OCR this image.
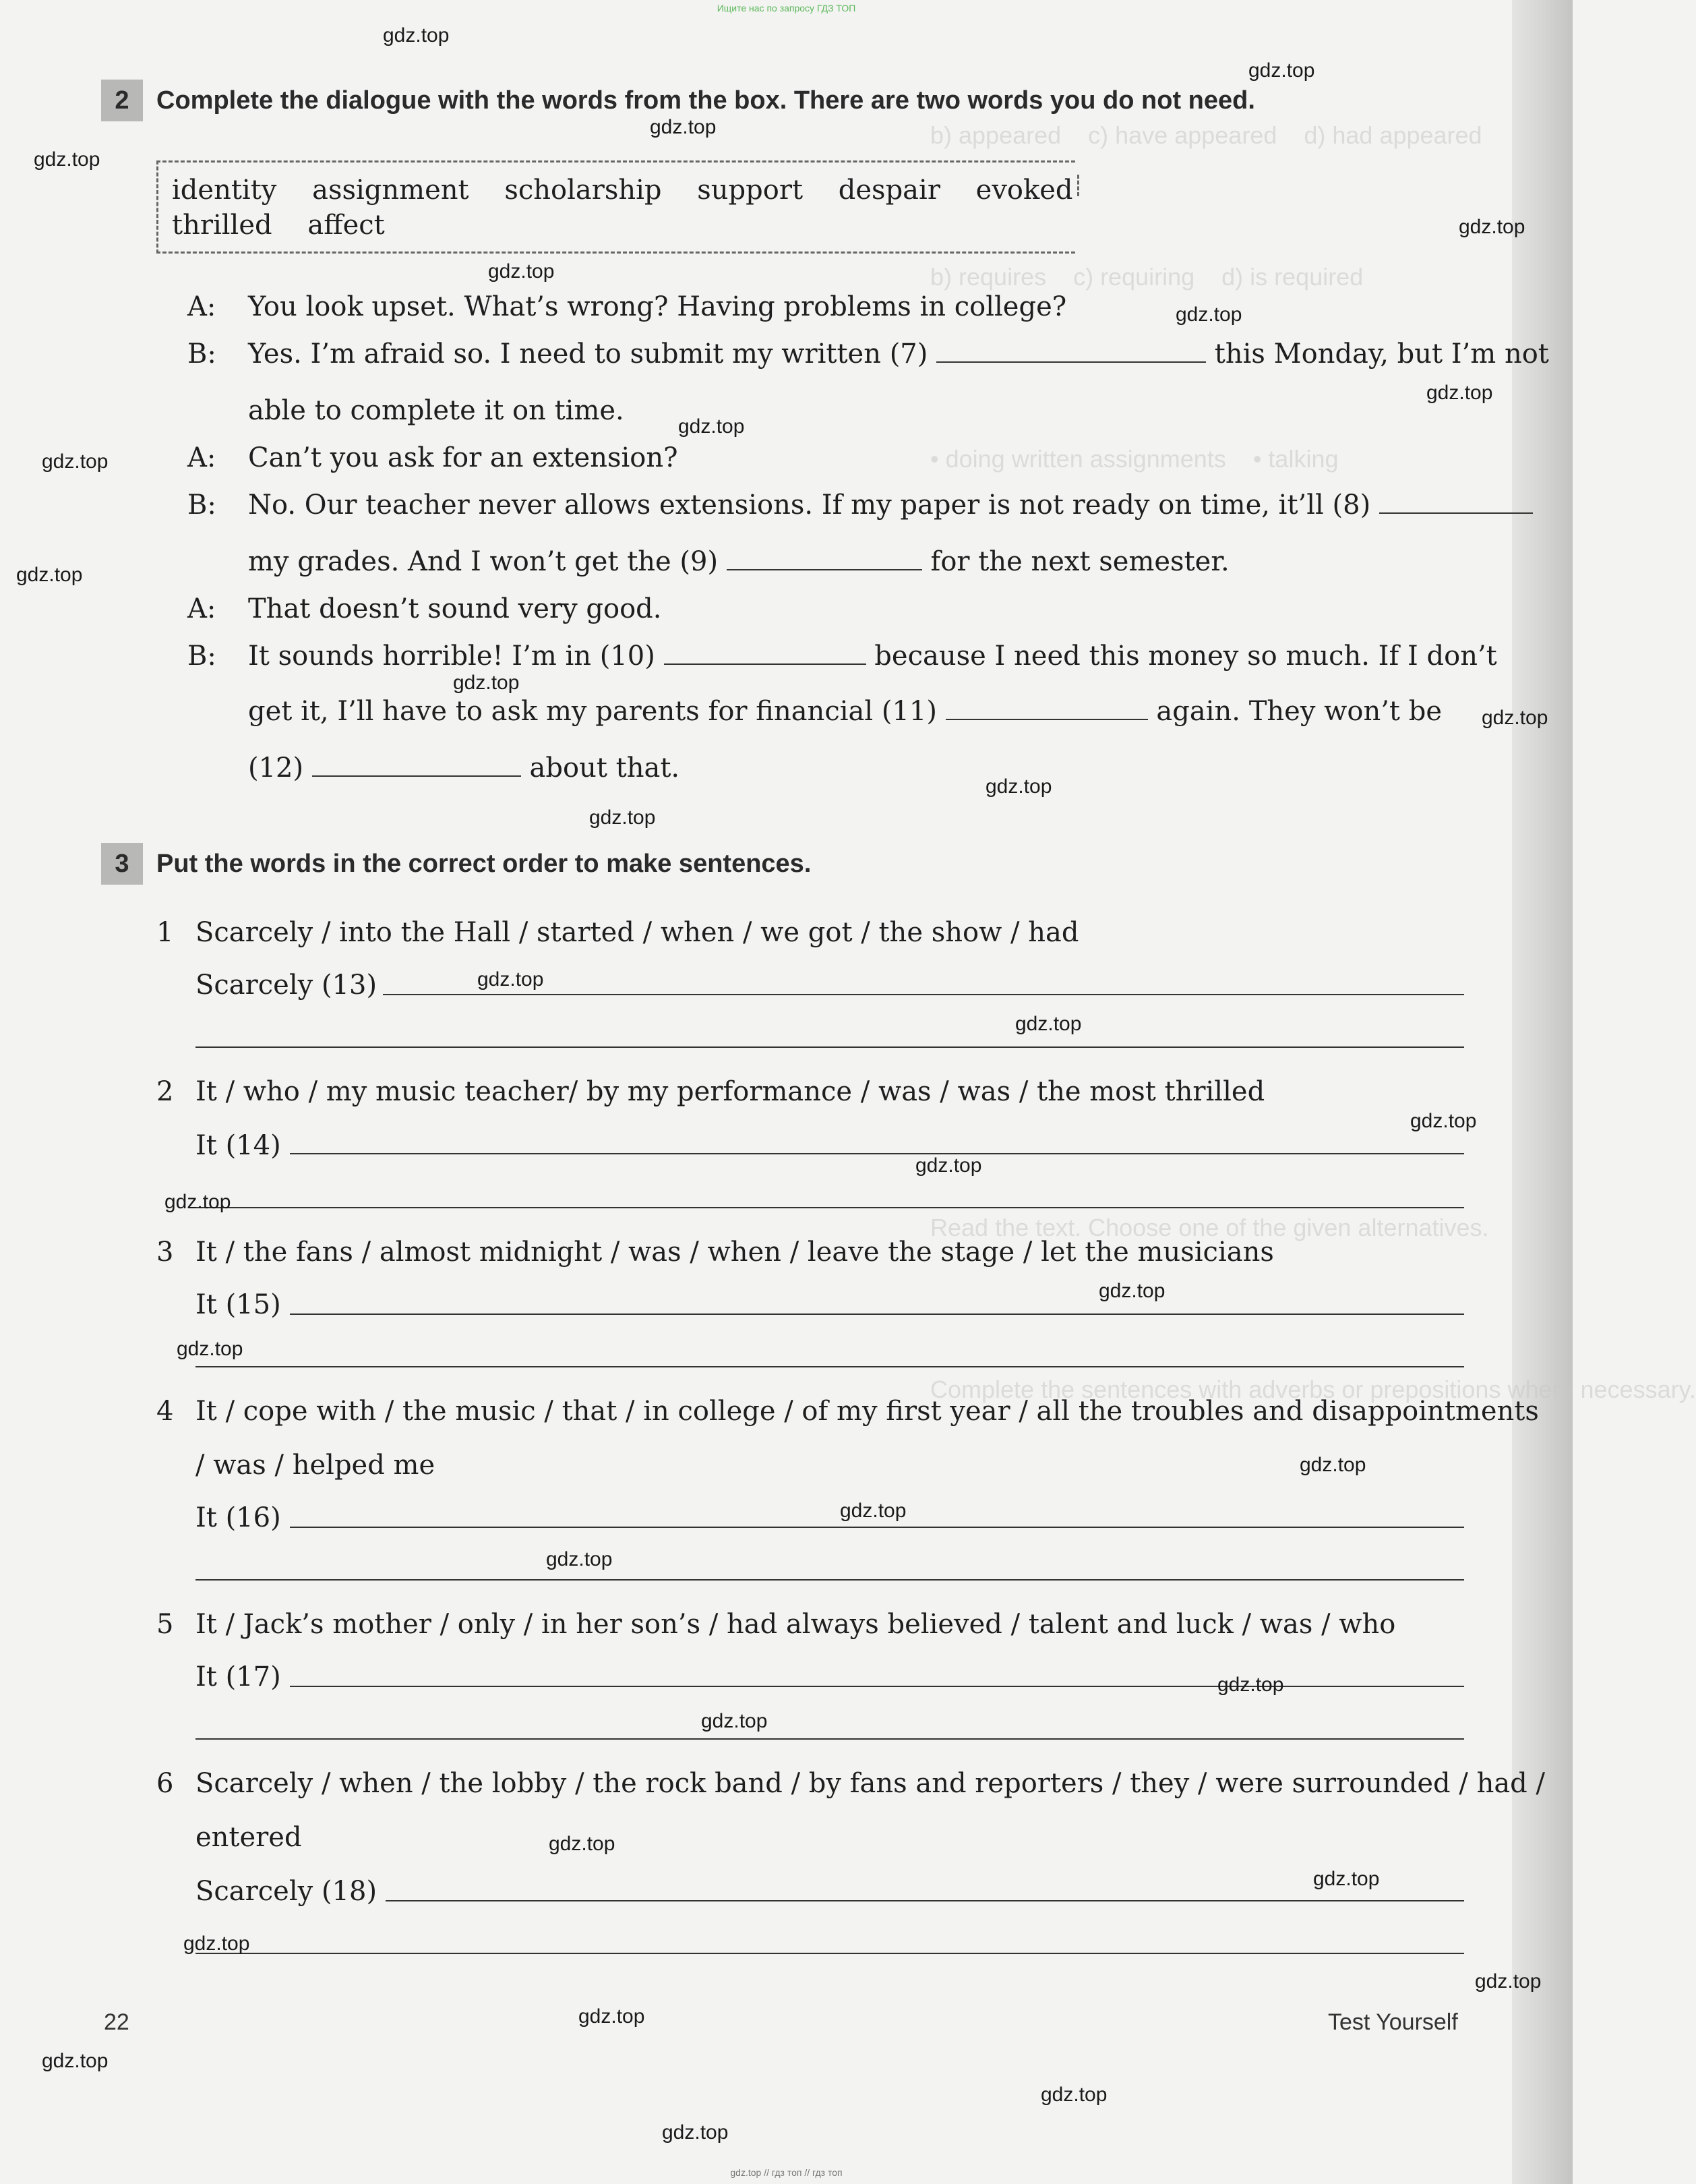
b) appeared    c) have appeared    d) had appeared
b) requires    c) requiring    d) is required
• doing written assignments    • talking
Read the text. Choose one of the given alternatives.
Complete the sentences with adverbs or prepositions where necessary.
Ищите нас по запросу ГДЗ ТОП
2	Complete the dialogue with the words from the box. There are two words you do not need.
identity assignment scholarship support despair evoked
thrilled affect
A: You look upset. What’s wrong? Having problems in college?
B: Yes. I’m afraid so. I need to submit my written (7)	this Monday, but I’m not
able to complete it on time.
A: Can’t you ask for an extension?
B: No. Our teacher never allows extensions. If my paper is not ready on time, it’ll (8)
my grades. And I won’t get the (9)	for the next semester.
A: That doesn’t sound very good.
B: It sounds horrible! I’m in (10)	because I need this money so much. If I don’t
get it, I’ll have to ask my parents for financial (11)	again. They won’t be
(12)	about that.
3	Put the words in the correct order to make sentences.
1 Scarcely / into the Hall / started / when / we got / the show / had
Scarcely (13)
2 It / who / my music teacher/ by my performance / was / was / the most thrilled
It (14)
3 It / the fans / almost midnight / was / when / leave the stage / let the musicians
It (15)
4 It / cope with / the music / that / in college / of my first year / all the troubles and disappointments
/ was / helped me
It (16)
5 It / Jack’s mother / only / in her son’s / had always believed / talent and luck / was / who
It (17)
6 Scarcely / when / the lobby / the rock band / by fans and reporters / they / were surrounded / had /
entered
Scarcely (18)
22	Test Yourself
gdz.top
gdz.top
gdz.top
gdz.top
gdz.top
gdz.top
gdz.top
gdz.top
gdz.top
gdz.top
gdz.top
gdz.top
gdz.top
gdz.top
gdz.top
gdz.top
gdz.top
gdz.top
gdz.top
gdz.top
gdz.top
gdz.top
gdz.top
gdz.top
gdz.top
gdz.top
gdz.top
gdz.top
gdz.top
gdz.top
gdz.top
gdz.top
gdz.top
gdz.top
gdz.top
gdz.top // гдз топ // гдз топ
